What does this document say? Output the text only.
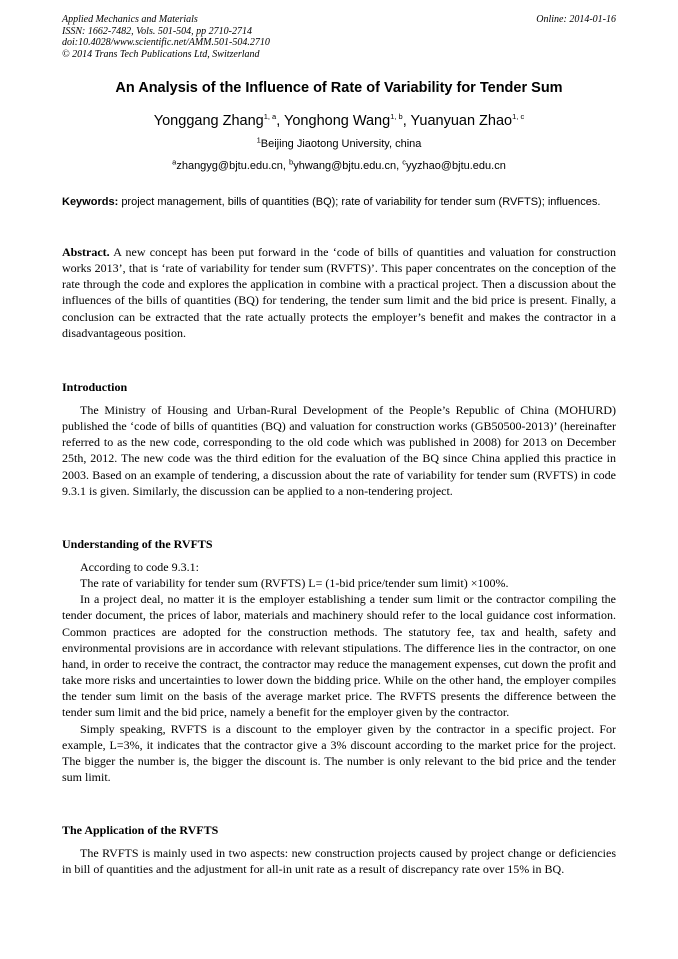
Applied Mechanics and Materials
ISSN: 1662-7482, Vols. 501-504, pp 2710-2714
doi:10.4028/www.scientific.net/AMM.501-504.2710
© 2014 Trans Tech Publications Ltd, Switzerland
Online: 2014-01-16
An Analysis of the Influence of Rate of Variability for Tender Sum
Yonggang Zhang$^{1, a}$, Yonghong Wang$^{1, b}$, Yuanyuan Zhao$^{1, c}$
$^1$Beijing Jiaotong University, china
$^a$zhangyg@bjtu.edu.cn, $^b$yhwang@bjtu.edu.cn, $^c$yyzhao@bjtu.edu.cn
Keywords: project management, bills of quantities (BQ); rate of variability for tender sum (RVFTS); influences.

Abstract. A new concept has been put forward in the ‘code of bills of quantities and valuation for construction works 2013’, that is ‘rate of variability for tender sum (RVFTS)’. This paper concentrates on the conception of the rate through the code and explores the application in combine with a practical project. Then a discussion about the influences of the bills of quantities (BQ) for tendering, the tender sum limit and the bid price is present. Finally, a conclusion can be extracted that the rate actually protects the employer’s benefit and makes the contractor in a disadvantageous position.

Introduction

The Ministry of Housing and Urban-Rural Development of the People’s Republic of China (MOHURD) published the ‘code of bills of quantities (BQ) and valuation for construction works (GB50500-2013)’ (hereinafter referred to as the new code, corresponding to the old code which was published in 2008) for 2013 on December 25th, 2012. The new code was the third edition for the evaluation of the BQ since China applied this practice in 2003. Based on an example of tendering, a discussion about the rate of variability for tender sum (RVFTS) in code 9.3.1 is given. Similarly, the discussion can be applied to a non-tendering project.

Understanding of the RVFTS

According to code 9.3.1:

The rate of variability for tender sum (RVFTS) L= (1-bid price/tender sum limit) ×100%.

In a project deal, no matter it is the employer establishing a tender sum limit or the contractor compiling the tender document, the prices of labor, materials and machinery should refer to the local guidance cost information. Common practices are adopted for the construction methods. The statutory fee, tax and health, safety and environmental provisions are in accordance with relevant stipulations. The difference lies in the contractor, on one hand, in order to receive the contract, the contractor may reduce the management expenses, cut down the profit and take more risks and uncertainties to lower down the bidding price. While on the other hand, the employer compiles the tender sum limit on the basis of the average market price. The RVFTS presents the difference between the tender sum limit and the bid price, namely a benefit for the employer given by the contractor.

Simply speaking, RVFTS is a discount to the employer given by the contractor in a specific project. For example, L=3%, it indicates that the contractor give a 3% discount according to the market price for the project. The bigger the number is, the bigger the discount is. The number is only relevant to the bid price and the tender sum limit.

The Application of the RVFTS

The RVFTS is mainly used in two aspects: new construction projects caused by project change or deficiencies in bill of quantities and the adjustment for all-in unit rate as a result of discrepancy rate over 15% in BQ.
